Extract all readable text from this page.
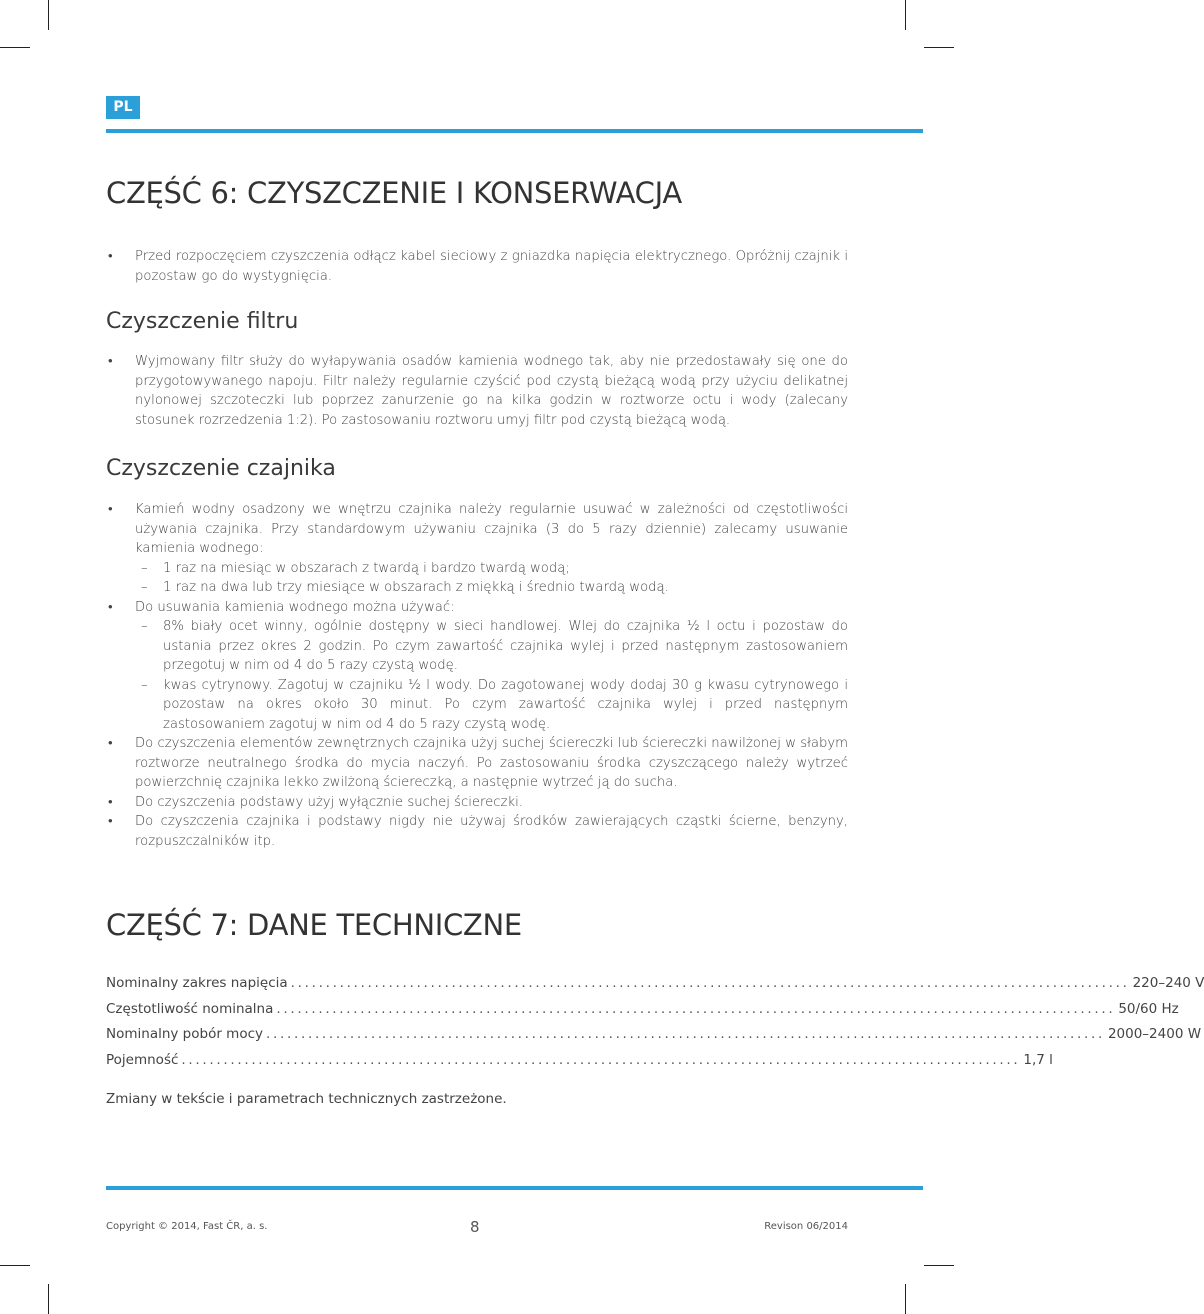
PL
CZĘŚĆ 6: CZYSZCZENIE I KONSERWACJA
• Przed rozpoczęciem czyszczenia odłącz kabel sieciowy z gniazdka napięcia elektrycznego. Opróżnij czajnik i pozostaw go do wystygnięcia.
Czyszczenie filtru
• Wyjmowany filtr służy do wyłapywania osadów kamienia wodnego tak, aby nie przedostawały się one do przygotowywanego napoju. Filtr należy regularnie czyścić pod czystą bieżącą wodą przy użyciu delikatnej nylonowej szczoteczki lub poprzez zanurzenie go na kilka godzin w roztworze octu i wody (zalecany stosunek rozrzedzenia 1:2). Po zastosowaniu roztworu umyj filtr pod czystą bieżącą wodą.
Czyszczenie czajnika
• Kamień wodny osadzony we wnętrzu czajnika należy regularnie usuwać w zależności od częstotliwości używania czajnika. Przy standardowym używaniu czajnika (3 do 5 razy dziennie) zalecamy usuwanie kamienia wodnego:
– 1 raz na miesiąc w obszarach z twardą i bardzo twardą wodą;
– 1 raz na dwa lub trzy miesiące w obszarach z miękką i średnio twardą wodą.
• Do usuwania kamienia wodnego można używać:
– 8% biały ocet winny, ogólnie dostępny w sieci handlowej. Wlej do czajnika ½ l octu i pozostaw do ustania przez okres 2 godzin. Po czym zawartość czajnika wylej i przed następnym zastosowaniem przegotuj w nim od 4 do 5 razy czystą wodę.
– kwas cytrynowy. Zagotuj w czajniku ½ l wody. Do zagotowanej wody dodaj 30 g kwasu cytrynowego i pozostaw na okres około 30 minut. Po czym zawartość czajnika wylej i przed następnym zastosowaniem zagotuj w nim od 4 do 5 razy czystą wodę.
• Do czyszczenia elementów zewnętrznych czajnika użyj suchej ściereczki lub ściereczki nawilżonej w słabym roztworze neutralnego środka do mycia naczyń. Po zastosowaniu środka czyszczącego należy wytrzeć powierzchnię czajnika lekko zwilżoną ściereczką, a następnie wytrzeć ją do sucha.
• Do czyszczenia podstawy użyj wyłącznie suchej ściereczki.
• Do czyszczenia czajnika i podstawy nigdy nie używaj środków zawierających cząstki ścierne, benzyny, rozpuszczalników itp.
CZĘŚĆ 7: DANE TECHNICZNE
Nominalny zakres napięcia ........................................................................................................................ 220–240 V
Częstotliwość nominalna ........................................................................................................................ 50/60 Hz
Nominalny pobór mocy ........................................................................................................................ 2000–2400 W
Pojemność ........................................................................................................................ 1,7 l
Zmiany w tekście i parametrach technicznych zastrzeżone.
Copyright © 2014, Fast ČR, a. s.	8	Revison 06/2014
